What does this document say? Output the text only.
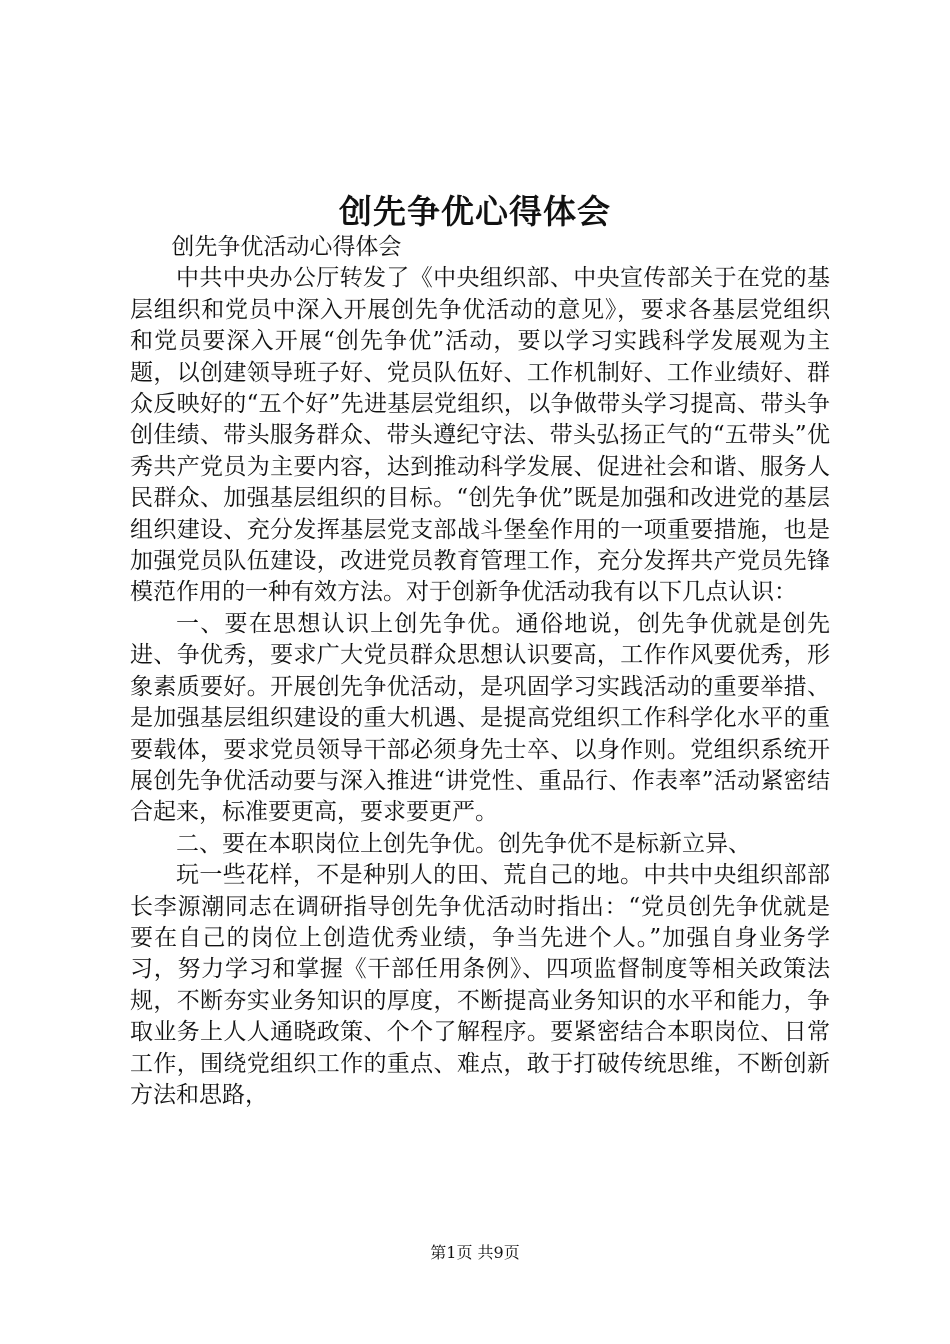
创先争优心得体会

创先争优活动心得体会

中共中央办公厅转发了《中央组织部、中央宣传部关于在党的基层组织和党员中深入开展创先争优活动的意见》，要求各基层党组织和党员要深入开展“创先争优”活动，要以学习实践科学发展观为主题，以创建领导班子好、党员队伍好、工作机制好、工作业绩好、群众反映好的“五个好”先进基层党组织，以争做带头学习提高、带头争创佳绩、带头服务群众、带头遵纪守法、带头弘扬正气的“五带头”优秀共产党员为主要内容，达到推动科学发展、促进社会和谐、服务人民群众、加强基层组织的目标。“创先争优”既是加强和改进党的基层组织建设、充分发挥基层党支部战斗堡垒作用的一项重要措施，也是加强党员队伍建设，改进党员教育管理工作，充分发挥共产党员先锋模范作用的一种有效方法。对于创新争优活动我有以下几点认识：

一、要在思想认识上创先争优。通俗地说，创先争优就是创先进、争优秀，要求广大党员群众思想认识要高，工作作风要优秀，形象素质要好。开展创先争优活动，是巩固学习实践活动的重要举措、是加强基层组织建设的重大机遇、是提高党组织工作科学化水平的重要载体，要求党员领导干部必须身先士卒、以身作则。党组织系统开展创先争优活动要与深入推进“讲党性、重品行、作表率”活动紧密结合起来，标准要更高，要求要更严。

二、要在本职岗位上创先争优。创先争优不是标新立异、

玩一些花样，不是种别人的田、荒自己的地。中共中央组织部部长李源潮同志在调研指导创先争优活动时指出：“党员创先争优就是要在自己的岗位上创造优秀业绩，争当先进个人。”加强自身业务学习，努力学习和掌握《干部任用条例》、四项监督制度等相关政策法规，不断夯实业务知识的厚度，不断提高业务知识的水平和能力，争取业务上人人通晓政策、个个了解程序。要紧密结合本职岗位、日常工作，围绕党组织工作的重点、难点，敢于打破传统思维，不断创新方法和思路，

第1页 共9页
